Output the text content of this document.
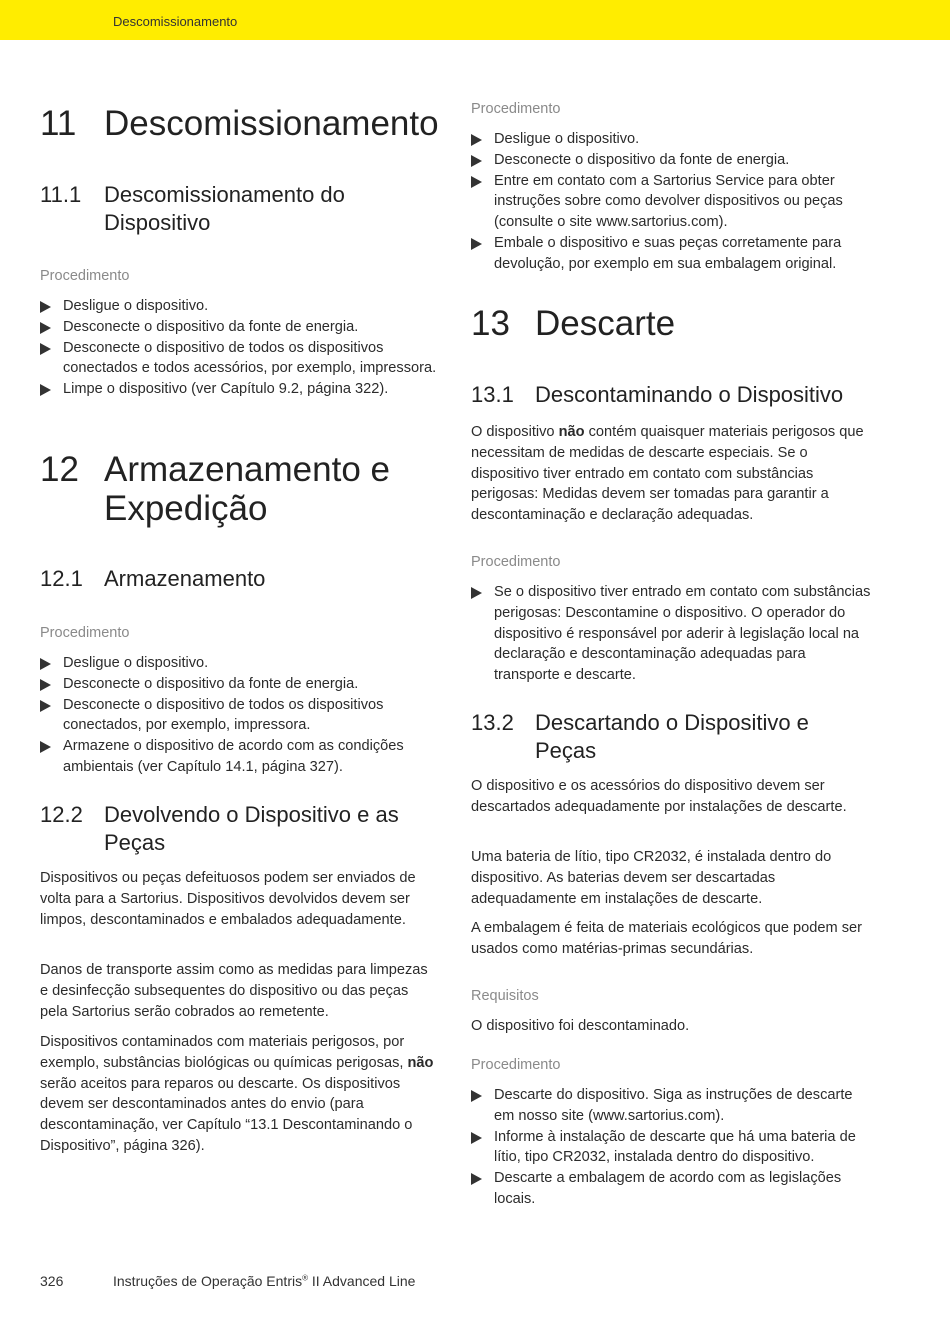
Descomissionamento
11 Descomissionamento
11.1 Descomissionamento do Dispositivo
Procedimento
Desligue o dispositivo.
Desconecte o dispositivo da fonte de energia.
Desconecte o dispositivo de todos os dispositivos conectados e todos acessórios, por exemplo, impressora.
Limpe o dispositivo (ver Capítulo 9.2, página 322).
12 Armazenamento e Expedição
12.1 Armazenamento
Procedimento
Desligue o dispositivo.
Desconecte o dispositivo da fonte de energia.
Desconecte o dispositivo de todos os dispositivos conectados, por exemplo, impressora.
Armazene o dispositivo de acordo com as condições ambientais (ver Capítulo 14.1, página 327).
12.2 Devolvendo o Dispositivo e as Peças
Dispositivos ou peças defeituosos podem ser enviados de volta para a Sartorius. Dispositivos devolvidos devem ser limpos, descontaminados e embalados adequadamente.
Danos de transporte assim como as medidas para limpezas e desinfecção subsequentes do dispositivo ou das peças pela Sartorius serão cobrados ao remetente.
Dispositivos contaminados com materiais perigosos, por exemplo, substâncias biológicas ou químicas perigosas, não serão aceitos para reparos ou descarte. Os dispositivos devem ser descontaminados antes do envio (para descontaminação, ver Capítulo “13.1 Descontaminando o Dispositivo”, página 326).
Procedimento
Desligue o dispositivo.
Desconecte o dispositivo da fonte de energia.
Entre em contato com a Sartorius Service para obter instruções sobre como devolver dispositivos ou peças (consulte o site www.sartorius.com).
Embale o dispositivo e suas peças corretamente para devolução, por exemplo em sua embalagem original.
13 Descarte
13.1 Descontaminando o Dispositivo
O dispositivo não contém quaisquer materiais perigosos que necessitam de medidas de descarte especiais. Se o dispositivo tiver entrado em contato com substâncias perigosas: Medidas devem ser tomadas para garantir a descontaminação e declaração adequadas.
Procedimento
Se o dispositivo tiver entrado em contato com substâncias perigosas: Descontamine o dispositivo. O operador do dispositivo é responsável por aderir à legislação local na declaração e descontaminação adequadas para transporte e descarte.
13.2 Descartando o Dispositivo e Peças
O dispositivo e os acessórios do dispositivo devem ser descartados adequadamente por instalações de descarte.
Uma bateria de lítio, tipo CR2032, é instalada dentro do dispositivo. As baterias devem ser descartadas adequadamente em instalações de descarte.
A embalagem é feita de materiais ecológicos que podem ser usados como matérias-primas secundárias.
Requisitos
O dispositivo foi descontaminado.
Procedimento
Descarte do dispositivo. Siga as instruções de descarte em nosso site (www.sartorius.com).
Informe à instalação de descarte que há uma bateria de lítio, tipo CR2032, instalada dentro do dispositivo.
Descarte a embalagem de acordo com as legislações locais.
326	Instruções de Operação Entris® II Advanced Line
